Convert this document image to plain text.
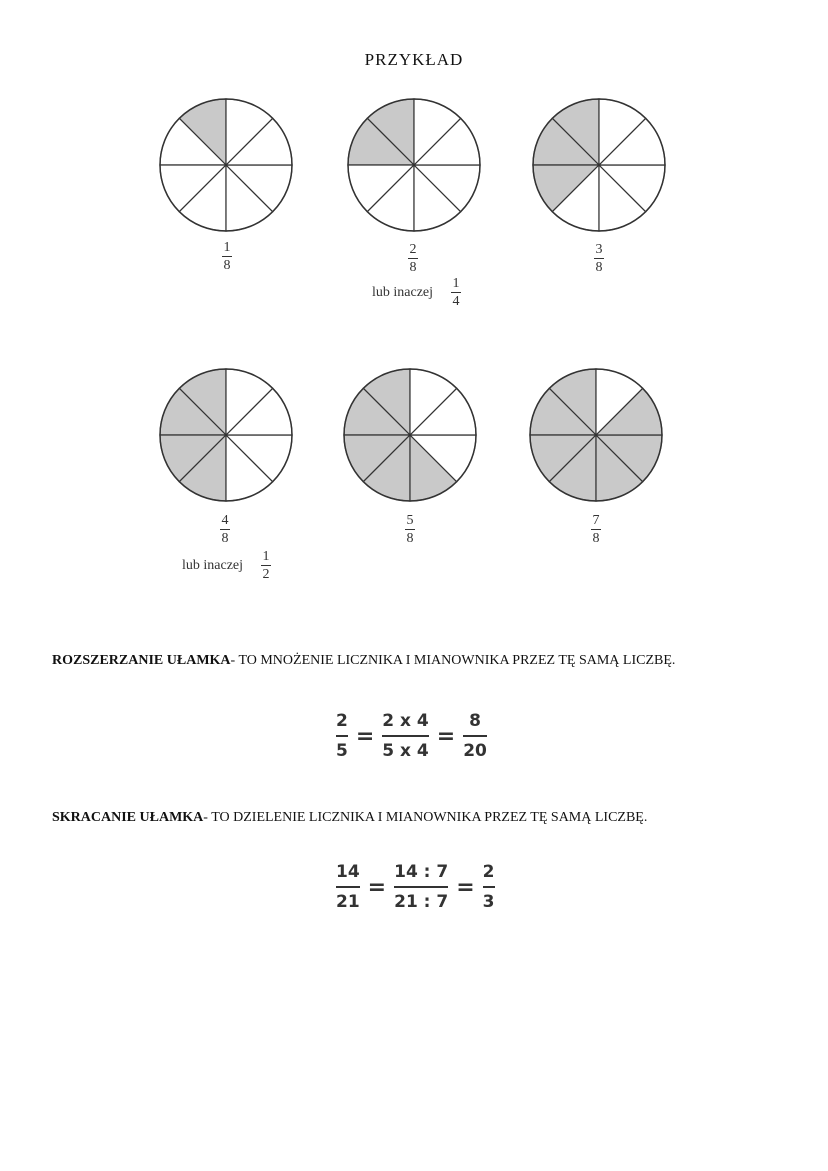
PRZYKŁAD
1
8
2
8
lub inaczej $\frac{1}{4}$
3
8
4
8
lub inaczej $\frac{1}{2}$
5
8
7
8
ROZSZERZANIE UŁAMKA- TO MNOŻENIE LICZNIKA I MIANOWNIKA PRZEZ TĘ SAMĄ LICZBĘ.
2
5
=
2 x 4
5 x 4
=
8
20
SKRACANIE UŁAMKA- TO DZIELENIE LICZNIKA I MIANOWNIKA PRZEZ TĘ SAMĄ LICZBĘ.
14
21
=
14 : 7
21 : 7
=
2
3
